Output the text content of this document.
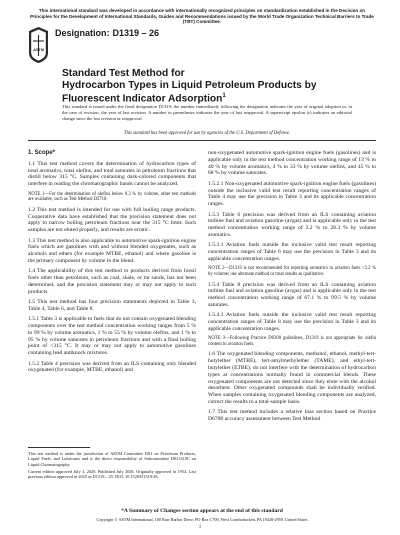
This international standard was developed in accordance with internationally recognized principles on standardization established in the Decision on Principles for the Development of International Standards, Guides and Recommendations issued by the World Trade Organization Technical Barriers to Trade (TBT) Committee.
ASTM
Designation: D1319 – 26
Standard Test Method for
Hydrocarbon Types in Liquid Petroleum Products by
Fluorescent Indicator Adsorption$^1$
This standard is issued under the fixed designation D1319; the number immediately following the designation indicates the year of original adoption or, in the case of revision, the year of last revision. A number in parentheses indicates the year of last reapproval. A superscript epsilon (ε) indicates an editorial change since the last revision or reapproval.
This standard has been approved for use by agencies of the U.S. Department of Defense.
1. Scope*

1.1 This test method covers the determination of hydrocarbon types of total aromatics, total olefins, and total saturates in petroleum fractions that distill below 315 °C. Samples containing dark-colored components that interfere in reading the chromatographic bands cannot be analyzed.

NOTE 1—For the determination of olefins below 0.3 % by volume, other test methods are available, such as Test Method D2710.

1.2 This test method is intended for use with full boiling range products. Cooperative data have established that the precision statement does not apply to narrow boiling petroleum fractions near the 315 °C limit. Such samples are not eluted properly, and results are erratic.

1.3 This test method is also applicable to automotive spark-ignition engine fuels which are gasolines with and without blended oxygenates, such as alcohols and ethers (for example MTBE, ethanol) and where gasoline is the primary component by volume in the blend.

1.4 The applicability of this test method to products derived from fossil fuels other than petroleum, such as coal, shale, or tar sands, has not been determined, and the precision statement may or may not apply to such products.

1.5 This test method has four precision statements depicted in Table 3, Table 4, Table 6, and Table 8.

1.5.1 Table 3 is applicable to fuels that do not contain oxygenated blending components over the test method concentration working ranges from 5 % to 99 % by volume aromatics, 1 % to 55 % by volume olefins, and 1 % to 95 % by volume saturates in petroleum fractions and with a final boiling point of <315 °C. It may or may not apply to automotive gasolines containing lead antiknock mixtures.

1.5.2 Table 4 precision was derived from an ILS containing only blended oxygenated (for example, MTBE, ethanol) and

This test method is under the jurisdiction of ASTM Committee D02 on Petroleum Products, Liquid Fuels, and Lubricants and is the direct responsibility of Subcommittee D02.04.0C on Liquid Chromatography.

Current edition approved July 1, 2026. Published July 2026. Originally approved in 1954. Last previous edition approved in 2025 as D1319 – 25. DOI: 10.1520/D1319-26.

non-oxygenated automotive spark-ignition engine fuels (gasolines) and is applicable only in the test method concentration working range of 13 % to 40 % by volume aromatics, 4 % to 33 % by volume olefins, and 45 % to 68 % by volume saturates.

1.5.2.1 Non-oxygenated automotive spark-ignition engine fuels (gasolines) outside the inclusive valid test result reporting concentration ranges of Table 4 may use the precision in Table 3 and its applicable concentration ranges.

1.5.3 Table 6 precision was derived from an ILS containing aviation turbine fuel and aviation gasoline (avgas) and is applicable only in the test method concentration working range of 3.2 % to 28.3 % by volume aromatics.

1.5.3.1 Aviation fuels outside the inclusive valid test result reporting concentration ranges of Table 6 may use the precision in Table 3 and its applicable concentration ranges.

NOTE 2—D1319 is not recommended for reporting aromatics in aviation fuels <3.2 % by volume; use alternate method or treat results as qualitative.

1.5.4 Table 8 precision was derived from an ILS containing aviation turbine fuel and aviation gasoline (avgas) and is applicable only in the test method concentration working range of 67.1 % to 99.5 % by volume saturates.

1.5.4.1 Aviation fuels outside the inclusive valid test result reporting concentration ranges of Table 8 may use the precision in Table 3 and its applicable concentration ranges.

NOTE 3—Following Practice D6300 guidelines, D1319 is not appropriate for olefin content in aviation fuels.

1.6 The oxygenated blending components, methanol, ethanol, methyl-tert-butylether (MTBE), tert-amylmethylether (TAME), and ethyl-tert-butylether (ETBE), do not interfere with the determination of hydrocarbon types at concentrations normally found in commercial blends. These oxygenated components are not detected since they elute with the alcohol desorbent. Other oxygenated compounds shall be individually verified. When samples containing oxygenated blending components are analyzed, correct the results to a total-sample basis.

1.7 This test method includes a relative bias section based on Practice D6708 accuracy assessment between Test Method

*A Summary of Changes section appears at the end of this standard
Copyright © ASTM International, 100 Barr Harbor Drive, PO Box C700, West Conshohocken, PA 19428-2959. United States
1
